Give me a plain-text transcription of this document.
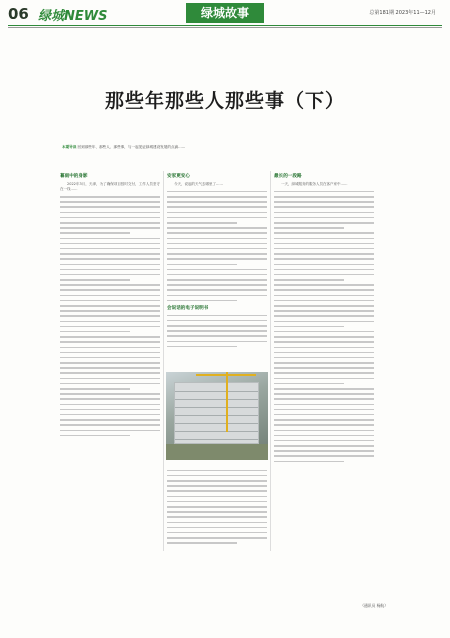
06 绿城NEWS	绿城故事	总第181期 2023年11—12月
那些年那些人那些事（下）
本期导读 回到那些年、那些人、那些事，与一起见证绿城建设发展的点滴……
暮雨中的身影
2022年3月，天津，为了确保项目按时交付，工作人员坚守在一线……
安家更安心
今天，说起的天气去哪里了……
会说话的电子说明书
最长的一段路
一天，绿城服务的服务人员在客户家中……
（通讯员 杨航）
